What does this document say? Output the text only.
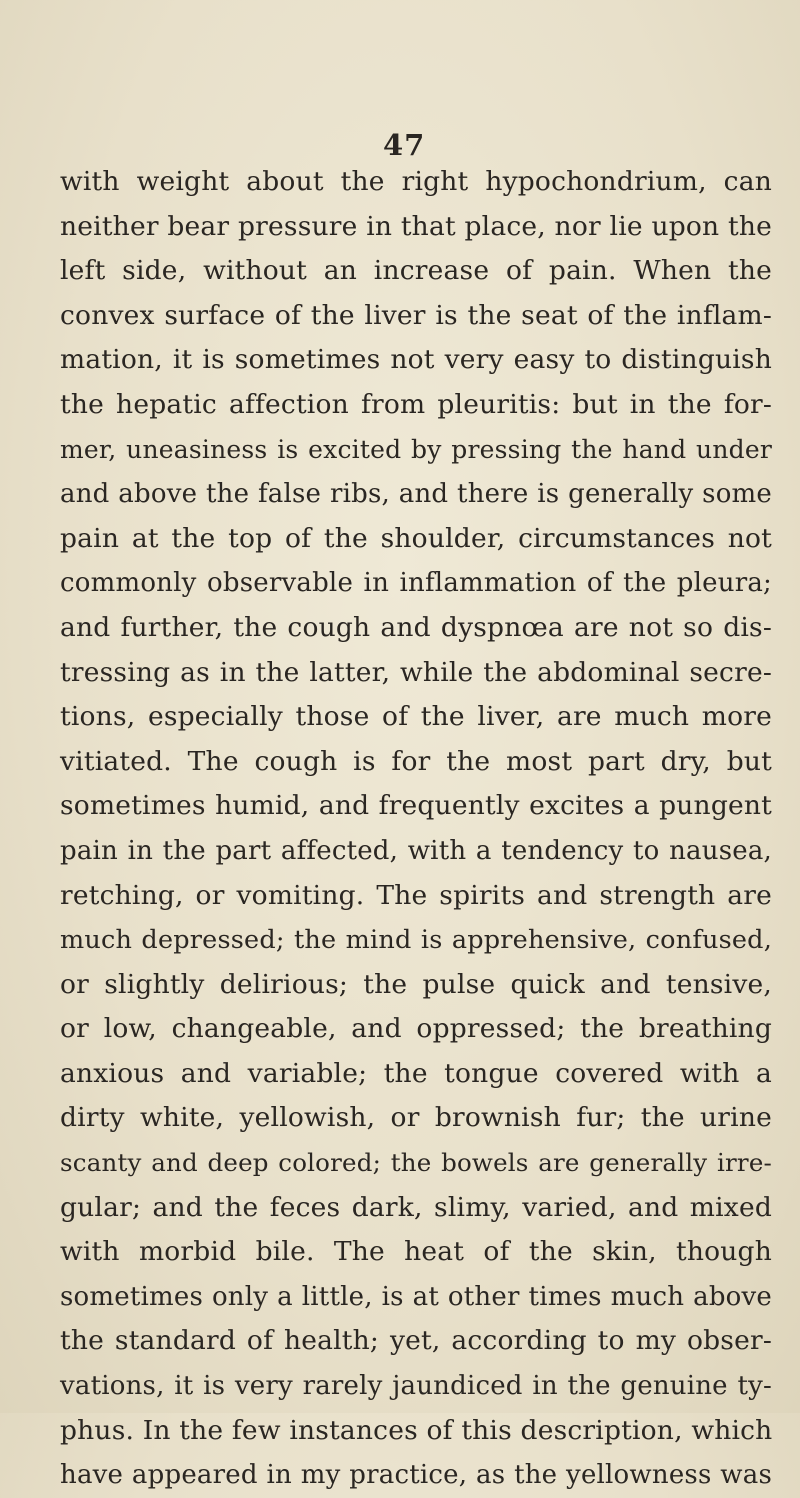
47
with weight about the right hypochondrium, can
neither bear pressure in that place, nor lie upon the
left side, without an increase of pain. When the
convex surface of the liver is the seat of the inflam-
mation, it is sometimes not very easy to distinguish
the hepatic affection from pleuritis: but in the for-
mer, uneasiness is excited by pressing the hand under
and above the false ribs, and there is generally some
pain at the top of the shoulder, circumstances not
commonly observable in inflammation of the pleura;
and further, the cough and dyspnœa are not so dis-
tressing as in the latter, while the abdominal secre-
tions, especially those of the liver, are much more
vitiated. The cough is for the most part dry, but
sometimes humid, and frequently excites a pungent
pain in the part affected, with a tendency to nausea,
retching, or vomiting. The spirits and strength are
much depressed; the mind is apprehensive, confused,
or slightly delirious; the pulse quick and tensive,
or low, changeable, and oppressed; the breathing
anxious and variable; the tongue covered with a
dirty white, yellowish, or brownish fur; the urine
scanty and deep colored; the bowels are generally irre-
gular; and the feces dark, slimy, varied, and mixed
with morbid bile. The heat of the skin, though
sometimes only a little, is at other times much above
the standard of health; yet, according to my obser-
vations, it is very rarely jaundiced in the genuine ty-
phus. In the few instances of this description, which
have appeared in my practice, as the yellowness was
